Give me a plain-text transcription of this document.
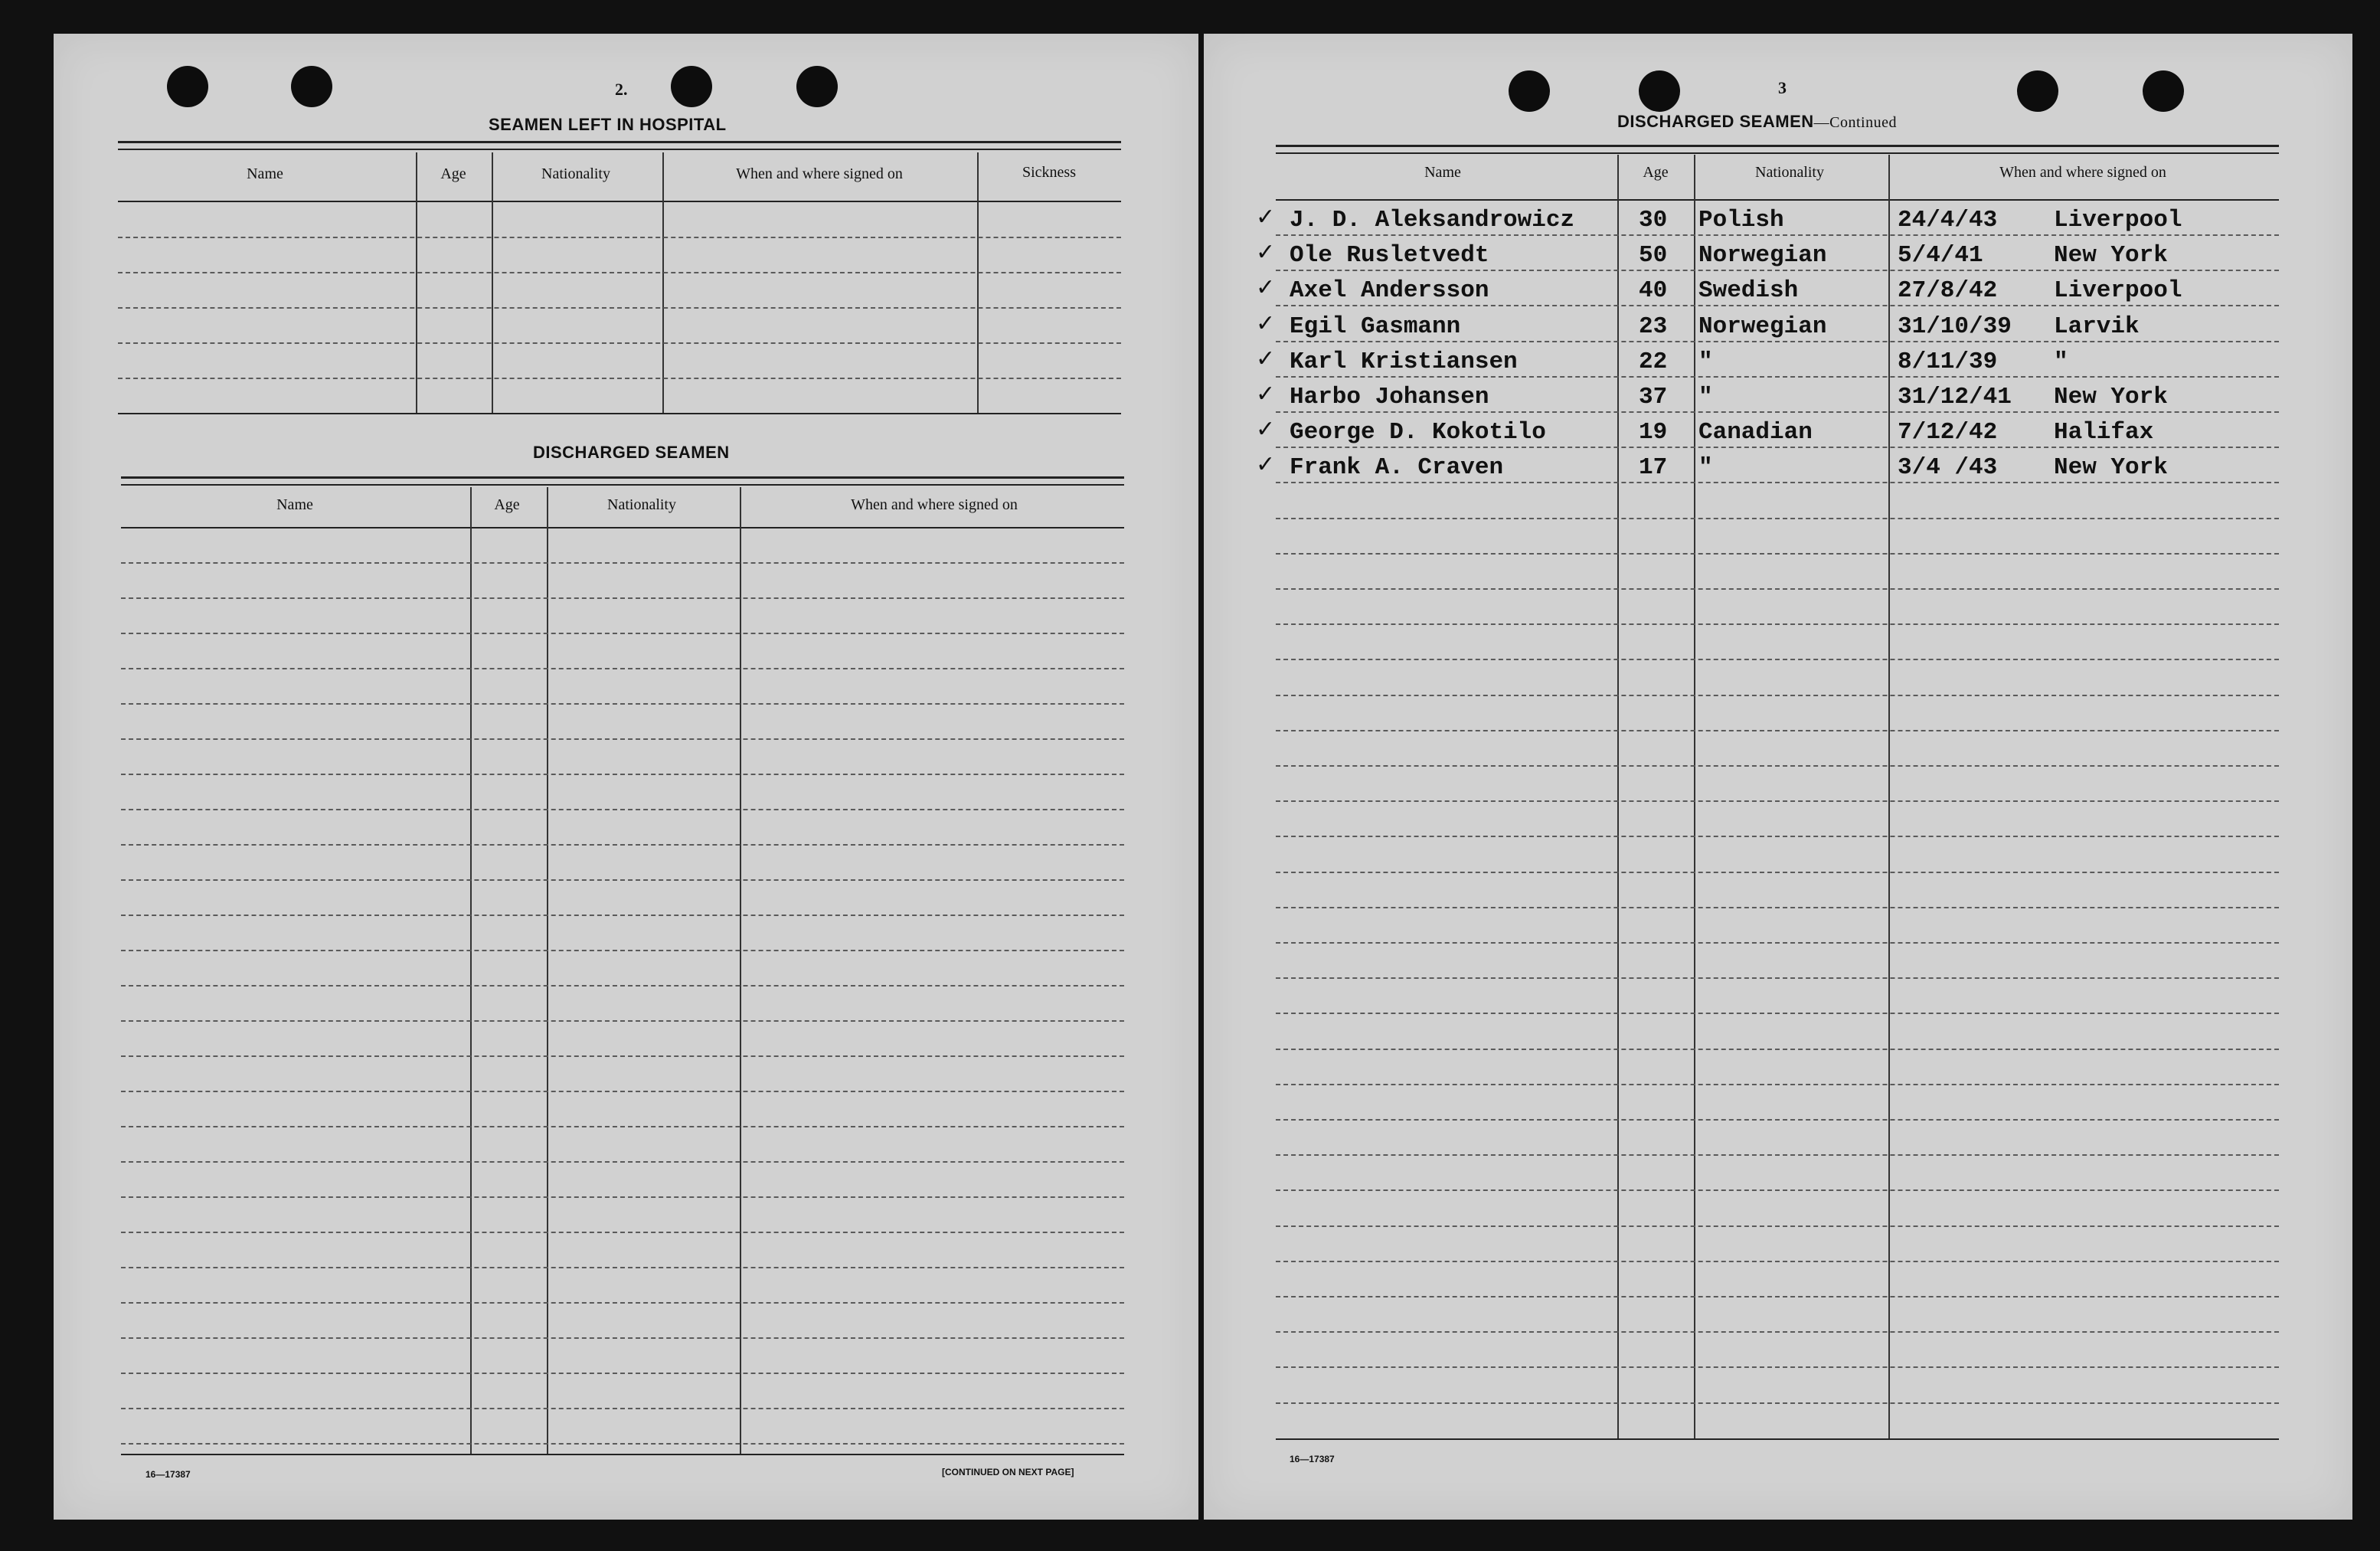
2.
SEAMEN LEFT IN HOSPITAL
Name	Age	Nationality	When and where signed on	Sickness
DISCHARGED SEAMEN
Name	Age	Nationality	When and where signed on
16—17387	[CONTINUED ON NEXT PAGE]
3
DISCHARGED SEAMEN—Continued
Name	Age	Nationality	When and where signed on
✓ J. D. Aleksandrowicz	30 Polish	24/4/43 Liverpool
✓ Ole Rusletvedt	50 Norwegian	5/4/41	New York
✓ Axel Andersson	40 Swedish	27/8/42 Liverpool
✓ Egil Gasmann	23 Norwegian	31/10/39 Larvik
✓ Karl Kristiansen	22 "	8/11/39 "
✓ Harbo Johansen	37 "	31/12/41 New York
✓ George D. Kokotilo	19 Canadian	7/12/42 Halifax
✓ Frank A. Craven	17 "	3/4 /43 New York
16—17387
